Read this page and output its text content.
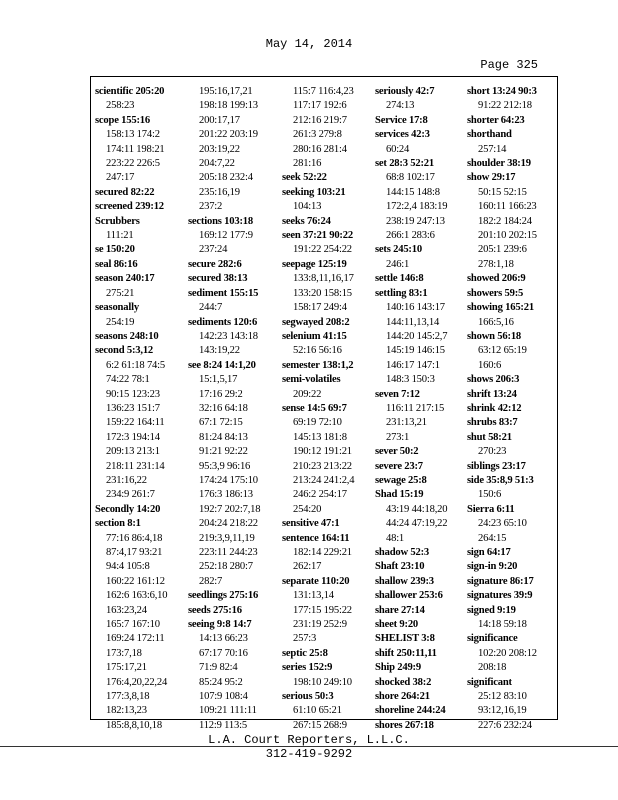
May 14, 2014
Page 325
scientific 205:20
258:23
scope 155:16
158:13 174:2
174:11 198:21
223:22 226:5
247:17
secured 82:22
screened 239:12
Scrubbers
111:21
se 150:20
seal 86:16
season 240:17
275:21
seasonally
254:19
seasons 248:10
second 5:3,12
6:2 61:18 74:5
74:22 78:1
90:15 123:23
136:23 151:7
159:22 164:11
172:3 194:14
209:13 213:1
218:11 231:14
231:16,22
234:9 261:7
Secondly 14:20
section 8:1
77:16 86:4,18
87:4,17 93:21
94:4 105:8
160:22 161:12
162:6 163:6,10
163:23,24
165:7 167:10
169:24 172:11
173:7,18
175:17,21
176:4,20,22,24
177:3,8,18
182:13,23
185:8,8,10,18
195:16,17,21
198:18 199:13
200:17,17
201:22 203:19
203:19,22
204:7,22
205:18 232:4
235:16,19
237:2
sections 103:18
169:12 177:9
237:24
secure 282:6
secured 38:13
sediment 155:15
244:7
sediments 120:6
142:23 143:18
143:19,22
see 8:24 14:1,20
15:1,5,17
17:16 29:2
32:16 64:18
67:1 72:15
81:24 84:13
91:21 92:22
95:3,9 96:16
174:24 175:10
176:3 186:13
192:7 202:7,18
204:24 218:22
219:3,9,11,19
223:11 244:23
252:18 280:7
282:7
seedlings 275:16
seeds 275:16
seeing 9:8 14:7
14:13 66:23
67:17 70:16
71:9 82:4
85:24 95:2
107:9 108:4
109:21 111:11
112:9 113:5
115:7 116:4,23
117:17 192:6
212:16 219:7
261:3 279:8
280:16 281:4
281:16
seek 52:22
seeking 103:21
104:13
seeks 76:24
seen 37:21 90:22
191:22 254:22
seepage 125:19
133:8,11,16,17
133:20 158:15
158:17 249:4
segwayed 208:2
selenium 41:15
52:16 56:16
semester 138:1,2
semi-volatiles
209:22
sense 14:5 69:7
69:19 72:10
145:13 181:8
190:12 191:21
210:23 213:22
213:24 241:2,4
246:2 254:17
254:20
sensitive 47:1
sentence 164:11
182:14 229:21
262:17
separate 110:20
131:13,14
177:15 195:22
231:19 252:9
257:3
septic 25:8
series 152:9
198:10 249:10
serious 50:3
61:10 65:21
267:15 268:9
seriously 42:7
274:13
Service 17:8
services 42:3
60:24
set 28:3 52:21
68:8 102:17
144:15 148:8
172:2,4 183:19
238:19 247:13
266:1 283:6
sets 245:10
246:1
settle 146:8
settling 83:1
140:16 143:17
144:11,13,14
144:20 145:2,7
145:19 146:15
146:17 147:1
148:3 150:3
seven 7:12
116:11 217:15
231:13,21
273:1
sever 50:2
severe 23:7
sewage 25:8
Shad 15:19
43:19 44:18,20
44:24 47:19,22
48:1
shadow 52:3
Shaft 23:10
shallow 239:3
shallower 253:6
share 27:14
sheet 9:20
SHELIST 3:8
shift 250:11,11
Ship 249:9
shocked 38:2
shore 264:21
shoreline 244:24
shores 267:18
short 13:24 90:3
91:22 212:18
shorter 64:23
shorthand
257:14
shoulder 38:19
show 29:17
50:15 52:15
160:11 166:23
182:2 184:24
201:10 202:15
205:1 239:6
278:1,18
showed 206:9
showers 59:5
showing 165:21
166:5,16
shown 56:18
63:12 65:19
160:6
shows 206:3
shrift 13:24
shrink 42:12
shrubs 83:7
shut 58:21
270:23
siblings 23:17
side 35:8,9 51:3
150:6
Sierra 6:11
24:23 65:10
264:15
sign 64:17
sign-in 9:20
signature 86:17
signatures 39:9
signed 9:19
14:18 59:18
significance
102:20 208:12
208:18
significant
25:12 83:10
93:12,16,19
227:6 232:24
L.A. Court Reporters, L.L.C.
312-419-9292
